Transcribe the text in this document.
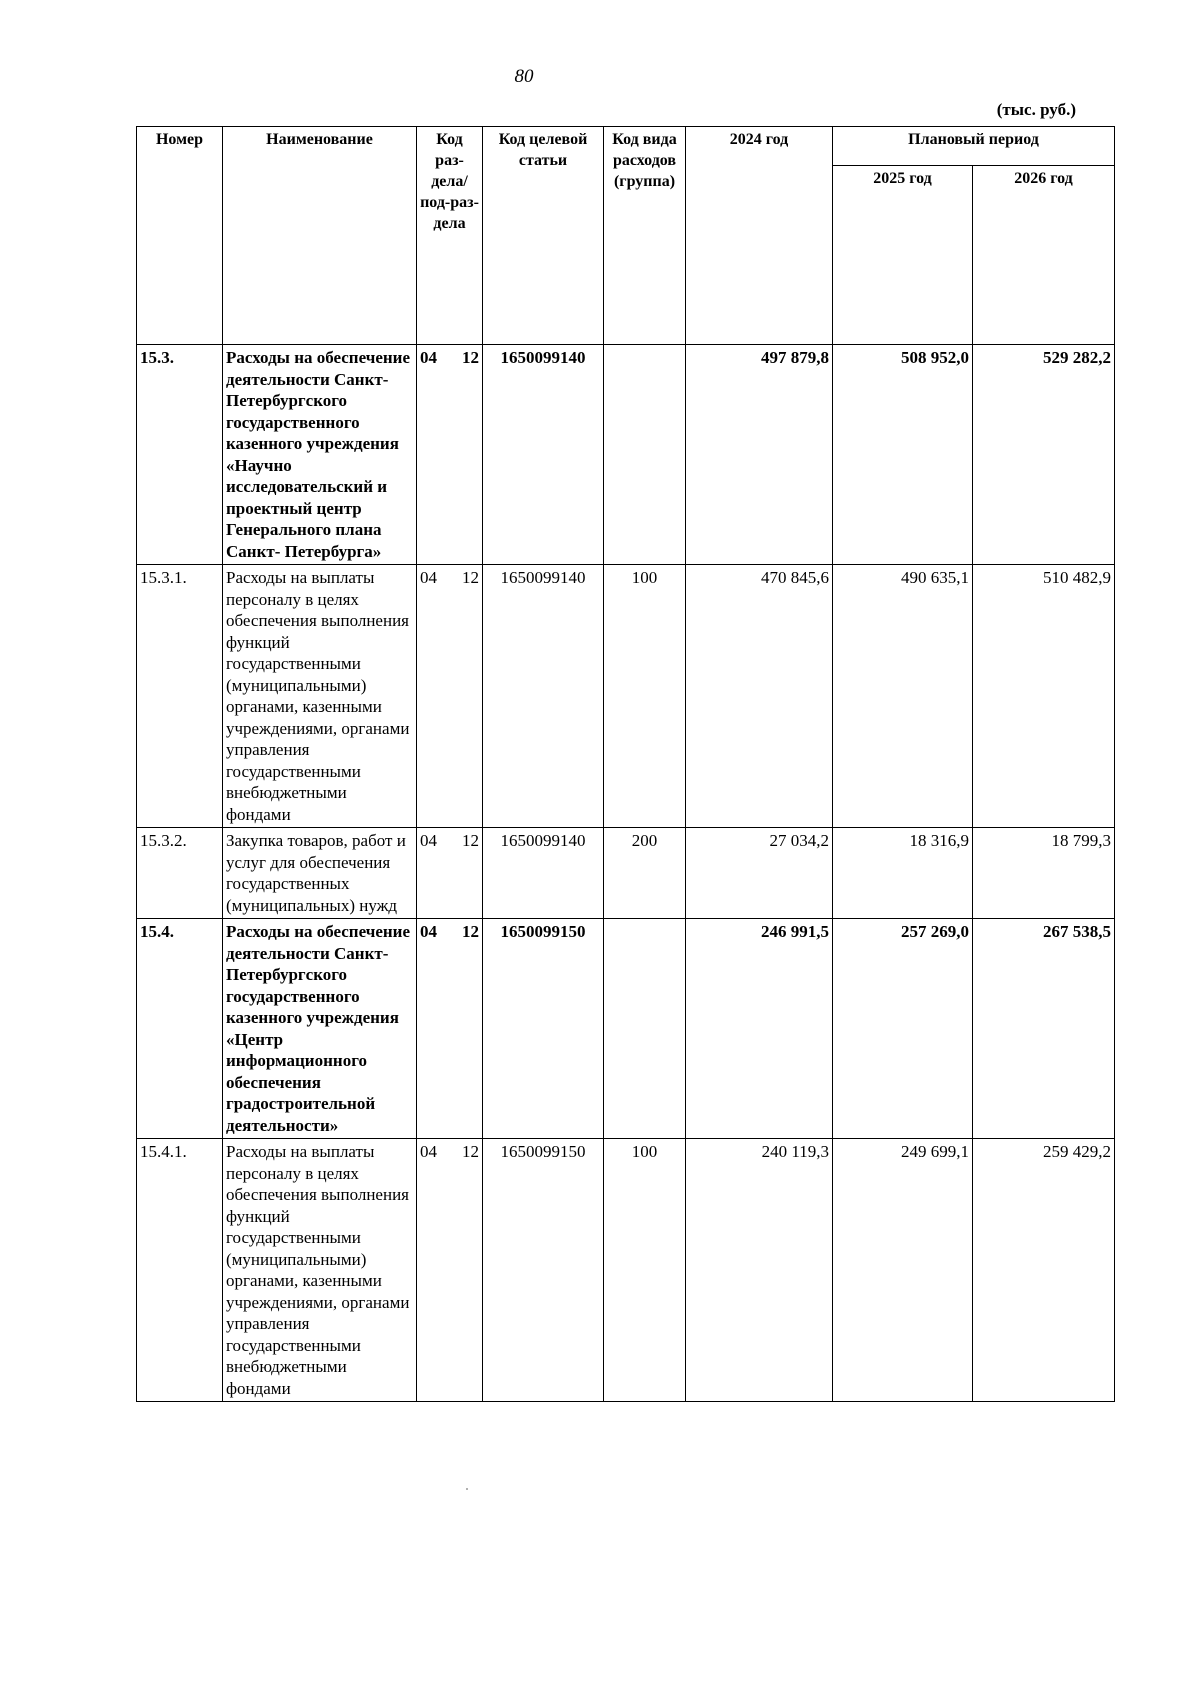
80
(тыс. руб.)
Номер	Наименование	Код раз-дела/ под-раз-дела	Код целевой статьи	Код вида расходов (группа)	2024 год	Плановый период	
						2025 год	2026 год
15.3.	Расходы на обеспечение деятельности Санкт-Петербургского государственного казенного учреждения «Научно исследовательский и проектный центр Генерального плана Санкт- Петербурга»	04 12	1650099140		497 879,8	508 952,0	529 282,2
15.3.1.	Расходы на выплаты персоналу в целях обеспечения выполнения функций государственными (муниципальными) органами, казенными учреждениями, органами управления государственными внебюджетными фондами	04 12	1650099140	100	470 845,6	490 635,1	510 482,9
15.3.2.	Закупка товаров, работ и услуг для обеспечения государственных (муниципальных) нужд	04 12	1650099140	200	27 034,2	18 316,9	18 799,3
15.4.	Расходы на обеспечение деятельности Санкт-Петербургского государственного казенного учреждения «Центр информационного обеспечения градостроительной деятельности»	04 12	1650099150		246 991,5	257 269,0	267 538,5
15.4.1.	Расходы на выплаты персоналу в целях обеспечения выполнения функций государственными (муниципальными) органами, казенными учреждениями, органами управления государственными внебюджетными фондами	04 12	1650099150	100	240 119,3	249 699,1	259 429,2
